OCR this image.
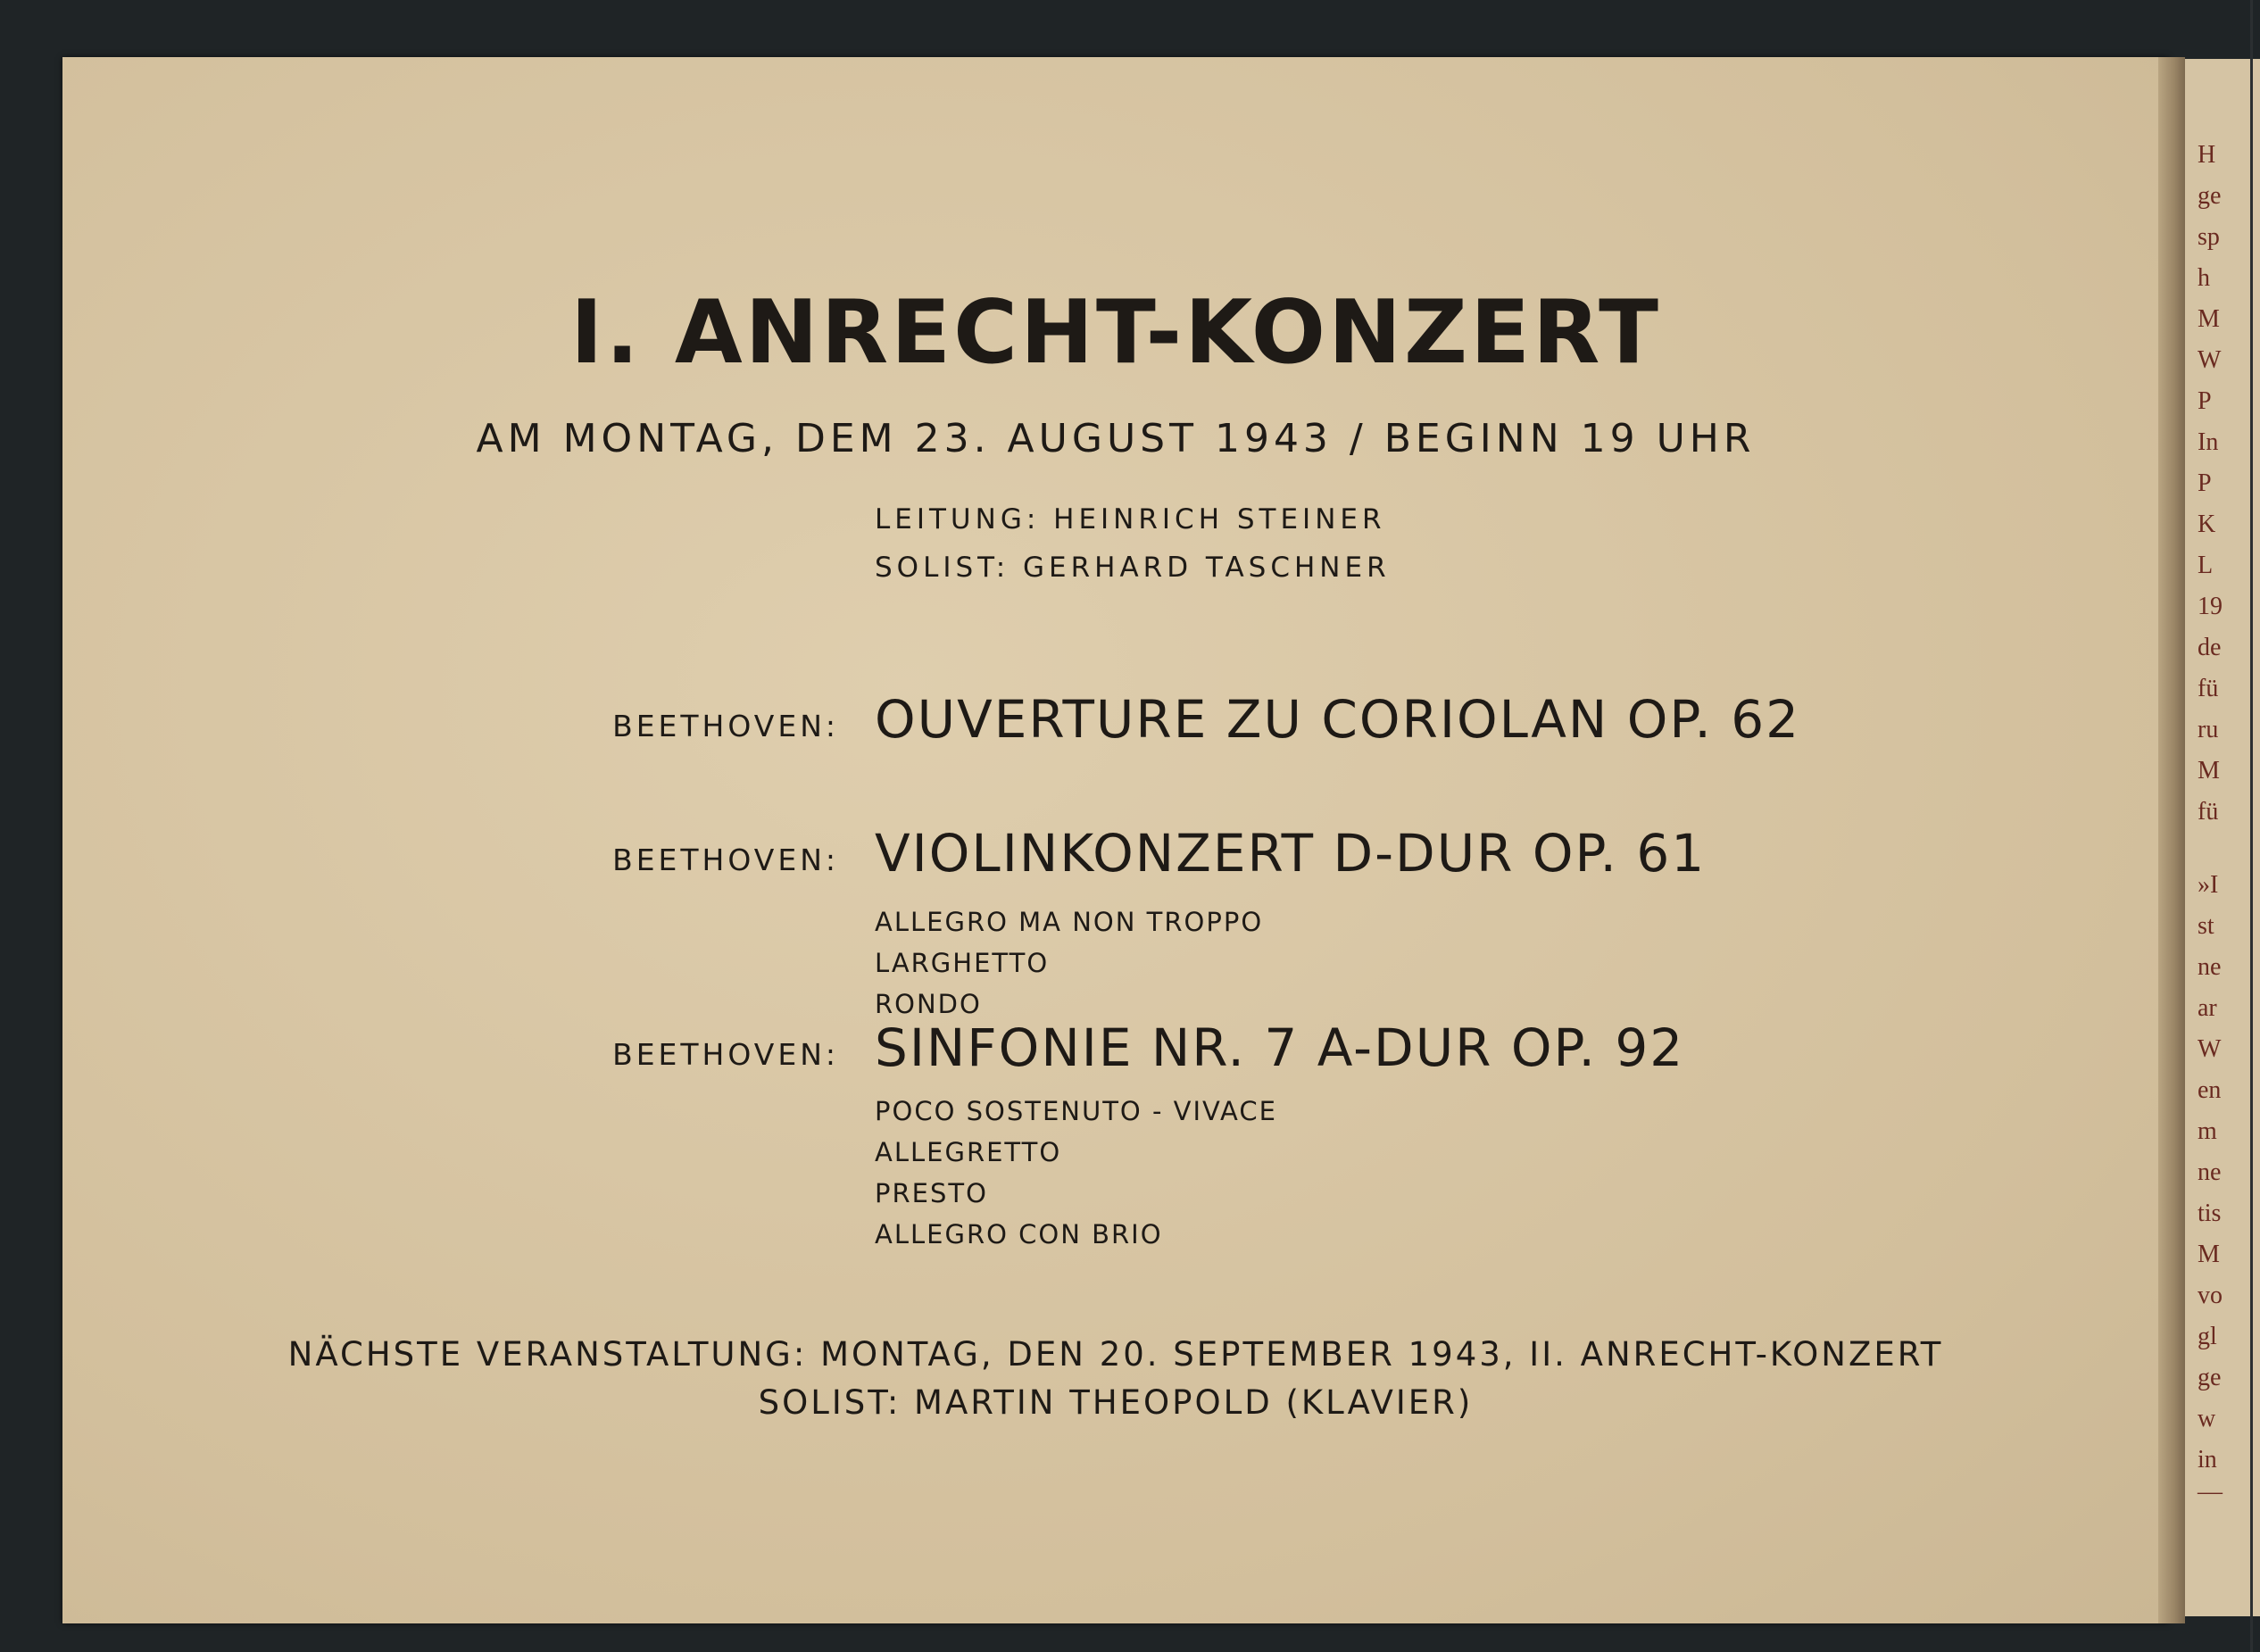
I. ANRECHT-KONZERT

AM MONTAG, DEM 23. AUGUST 1943 / BEGINN 19 UHR

LEITUNG: HEINRICH STEINER

SOLIST: GERHARD TASCHNER

BEETHOVEN: OUVERTURE ZU CORIOLAN OP. 62

BEETHOVEN: VIOLINKONZERT D-DUR OP. 61

ALLEGRO MA NON TROPPO

LARGHETTO

RONDO

BEETHOVEN: SINFONIE NR. 7 A-DUR OP. 92

POCO SOSTENUTO - VIVACE

ALLEGRETTO

PRESTO

ALLEGRO CON BRIO

NÄCHSTE VERANSTALTUNG: MONTAG, DEN 20. SEPTEMBER 1943, II. ANRECHT-KONZERT

SOLIST: MARTIN THEOPOLD (KLAVIER)

H
ge
sp
h
M
W
P
In
P
K
L
19
de
fü
ru
M
fü
»I
st
ne
ar
W
en
m
ne
tis
M
vo
gl
ge
w
in
—
